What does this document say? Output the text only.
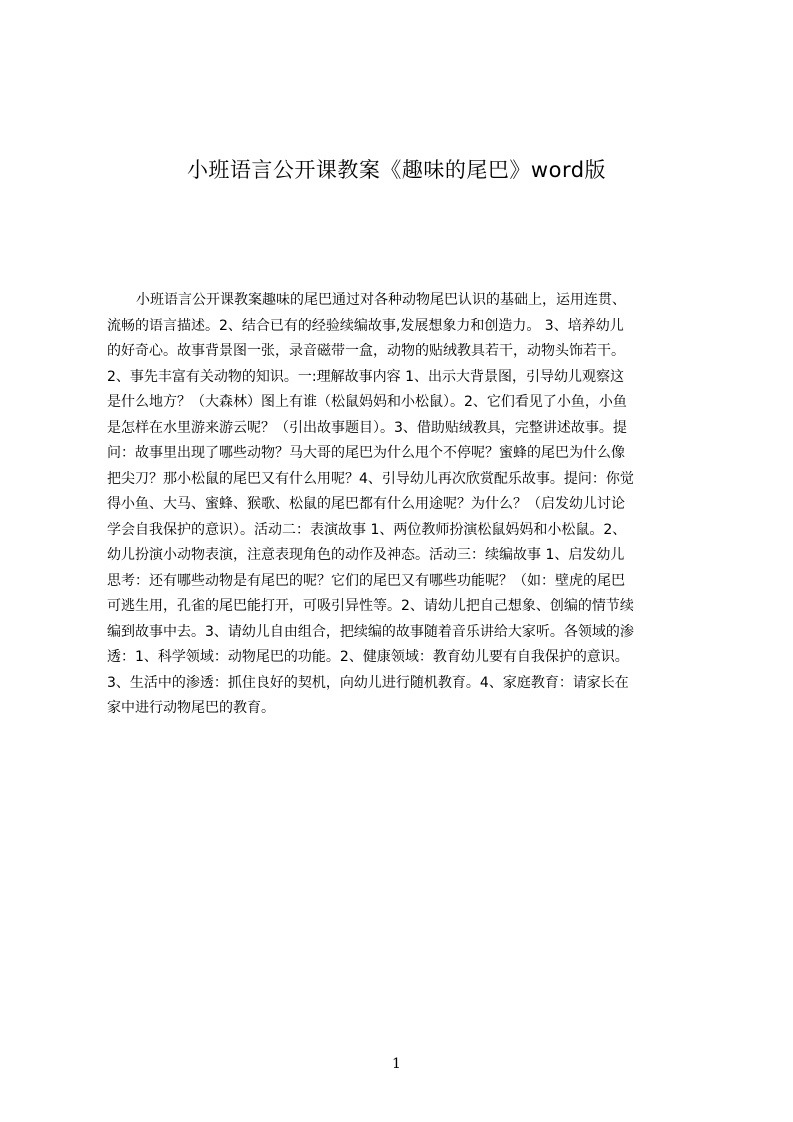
小班语言公开课教案《趣味的尾巴》word版
小班语言公开课教案趣味的尾巴通过对各种动物尾巴认识的基础上，运用连贯、
流畅的语言描述。2、结合已有的经验续编故事,发展想象力和创造力。 3、培养幼儿
的好奇心。故事背景图一张，录音磁带一盒，动物的贴绒教具若干，动物头饰若干。
2、事先丰富有关动物的知识。一:理解故事内容 1、出示大背景图，引导幼儿观察这
是什么地方？（大森林）图上有谁（松鼠妈妈和小松鼠）。2、它们看见了小鱼，小鱼
是怎样在水里游来游云呢？（引出故事题目）。3、借助贴绒教具，完整讲述故事。提
问：故事里出现了哪些动物？马大哥的尾巴为什么甩个不停呢？蜜蜂的尾巴为什么像
把尖刀？那小松鼠的尾巴又有什么用呢？4、引导幼儿再次欣赏配乐故事。提问：你觉
得小鱼、大马、蜜蜂、猴歌、松鼠的尾巴都有什么用途呢？为什么？（启发幼儿讨论
学会自我保护的意识）。活动二：表演故事 1、两位教师扮演松鼠妈妈和小松鼠。2、
幼儿扮演小动物表演，注意表现角色的动作及神态。活动三：续编故事 1、启发幼儿
思考：还有哪些动物是有尾巴的呢？它们的尾巴又有哪些功能呢？（如：壁虎的尾巴
可逃生用，孔雀的尾巴能打开，可吸引异性等。2、请幼儿把自己想象、创编的情节续
编到故事中去。3、请幼儿自由组合，把续编的故事随着音乐讲给大家听。各领域的渗
透：1、科学领域：动物尾巴的功能。2、健康领域：教育幼儿要有自我保护的意识。
3、生活中的渗透：抓住良好的契机，向幼儿进行随机教育。4、家庭教育：请家长在
家中进行动物尾巴的教育。
1
